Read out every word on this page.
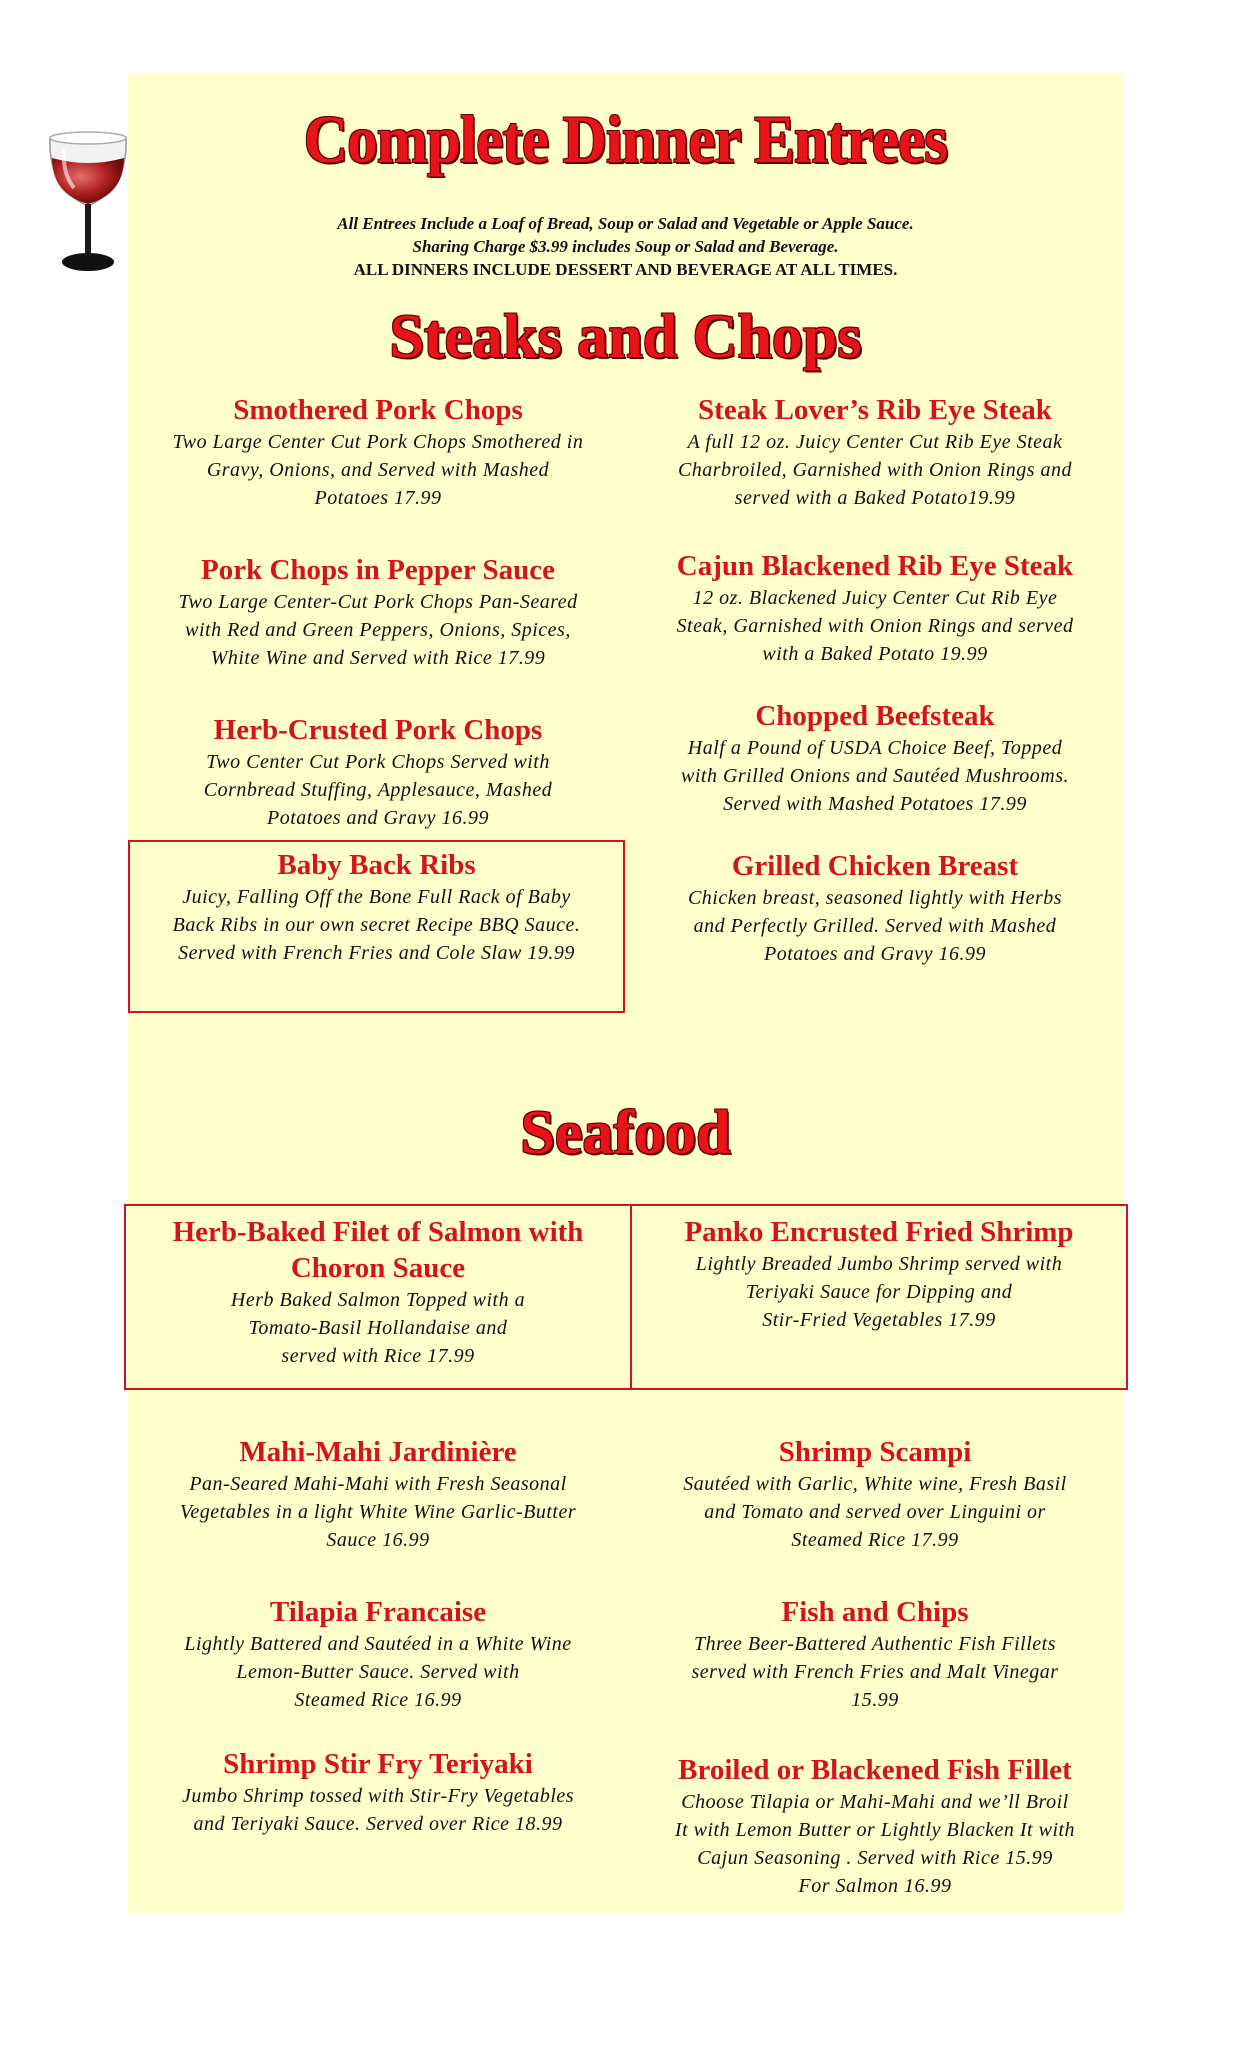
Complete Dinner Entrees
All Entrees Include a Loaf of Bread, Soup or Salad and Vegetable or Apple Sauce.
Sharing Charge $3.99 includes Soup or Salad and Beverage.
ALL DINNERS INCLUDE DESSERT AND BEVERAGE AT ALL TIMES.
Steaks and Chops
Smothered Pork Chops

Two Large Center Cut Pork Chops Smothered in

Gravy, Onions, and Served with Mashed

Potatoes 17.99

Steak Lover’s Rib Eye Steak

A full 12 oz. Juicy Center Cut Rib Eye Steak

Charbroiled, Garnished with Onion Rings and

served with a Baked Potato19.99

Pork Chops in Pepper Sauce

Two Large Center-Cut Pork Chops Pan-Seared

with Red and Green Peppers, Onions, Spices,

White Wine and Served with Rice 17.99

Cajun Blackened Rib Eye Steak

12 oz. Blackened Juicy Center Cut Rib Eye

Steak, Garnished with Onion Rings and served

with a Baked Potato 19.99

Herb-Crusted Pork Chops

Two Center Cut Pork Chops Served with

Cornbread Stuffing, Applesauce, Mashed

Potatoes and Gravy 16.99

Chopped Beefsteak

Half a Pound of USDA Choice Beef, Topped

with Grilled Onions and Sautéed Mushrooms.

Served with Mashed Potatoes 17.99

Baby Back Ribs

Juicy, Falling Off the Bone Full Rack of Baby

Back Ribs in our own secret Recipe BBQ Sauce.

Served with French Fries and Cole Slaw 19.99

Grilled Chicken Breast

Chicken breast, seasoned lightly with Herbs

and Perfectly Grilled. Served with Mashed

Potatoes and Gravy 16.99

Seafood
Herb-Baked Filet of Salmon with
Choron Sauce

Herb Baked Salmon Topped with a

Tomato-Basil Hollandaise and

served with Rice 17.99

Panko Encrusted Fried Shrimp

Lightly Breaded Jumbo Shrimp served with

Teriyaki Sauce for Dipping and

Stir-Fried Vegetables 17.99

Mahi-Mahi Jardinière

Pan-Seared Mahi-Mahi with Fresh Seasonal

Vegetables in a light White Wine Garlic-Butter

Sauce 16.99

Shrimp Scampi

Sautéed with Garlic, White wine, Fresh Basil

and Tomato and served over Linguini or

Steamed Rice 17.99

Tilapia Francaise

Lightly Battered and Sautéed in a White Wine

Lemon-Butter Sauce. Served with

Steamed Rice 16.99

Fish and Chips

Three Beer-Battered Authentic Fish Fillets

served with French Fries and Malt Vinegar

15.99

Shrimp Stir Fry Teriyaki

Jumbo Shrimp tossed with Stir-Fry Vegetables

and Teriyaki Sauce. Served over Rice 18.99

Broiled or Blackened Fish Fillet

Choose Tilapia or Mahi-Mahi and we’ll Broil

It with Lemon Butter or Lightly Blacken It with

Cajun Seasoning . Served with Rice 15.99

For Salmon 16.99
